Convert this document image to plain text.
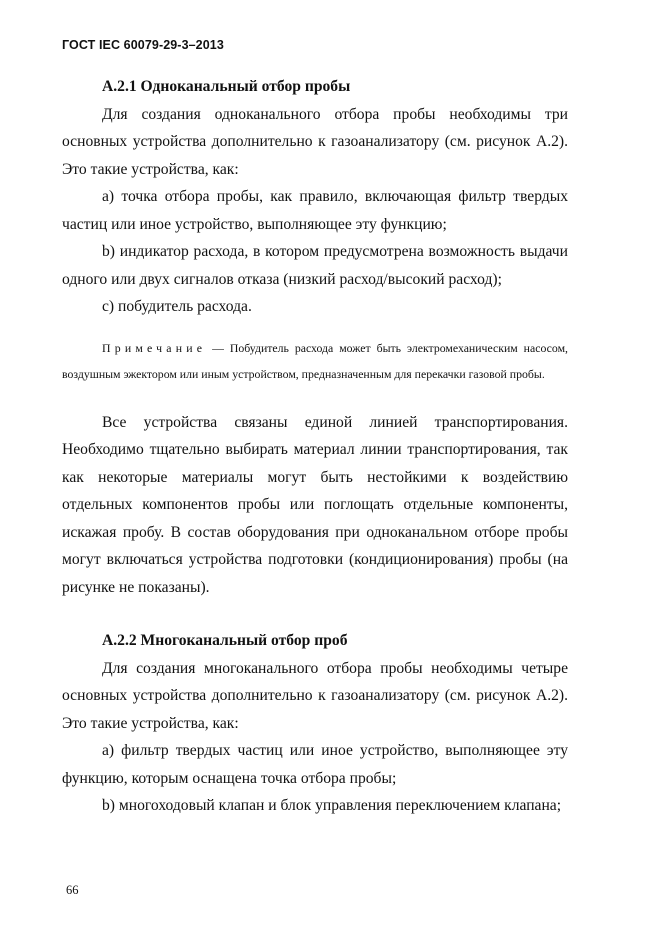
ГОСТ IEC 60079-29-3–2013

А.2.1 Одноканальный отбор пробы

Для создания одноканального отбора пробы необходимы три основных устройства дополнительно к газоанализатору (см. рисунок А.2). Это такие устройства, как:

a) точка отбора пробы, как правило, включающая фильтр твердых частиц или иное устройство, выполняющее эту функцию;

b) индикатор расхода, в котором предусмотрена возможность выдачи одного или двух сигналов отказа (низкий расход/высокий расход);

c) побудитель расхода.

Примечание — Побудитель расхода может быть электромеханическим насосом, воздушным эжектором или иным устройством, предназначенным для перекачки газовой пробы.

Все устройства связаны единой линией транспортирования. Необходимо тщательно выбирать материал линии транспортирования, так как некоторые материалы могут быть нестойкими к воздействию отдельных компонентов пробы или поглощать отдельные компоненты, искажая пробу. В состав оборудования при одноканальном отборе пробы могут включаться устройства подготовки (кондиционирования) пробы (на рисунке не показаны).

А.2.2 Многоканальный отбор проб

Для создания многоканального отбора пробы необходимы четыре основных устройства дополнительно к газоанализатору (см. рисунок А.2). Это такие устройства, как:

a) фильтр твердых частиц или иное устройство, выполняющее эту функцию, которым оснащена точка отбора пробы;

b) многоходовый клапан и блок управления переключением клапана;

66
